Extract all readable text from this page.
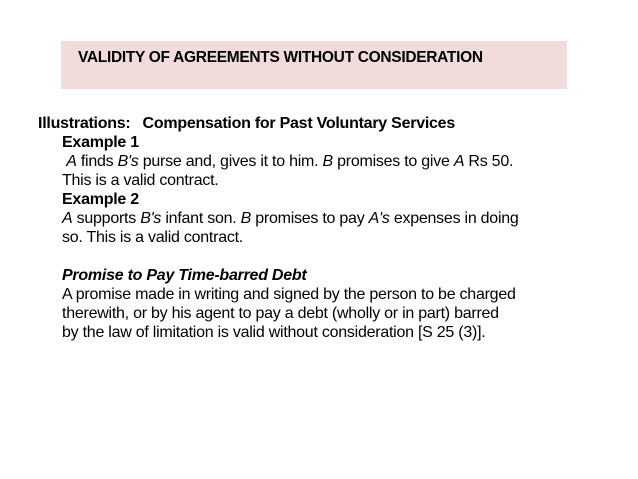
VALIDITY OF AGREEMENTS WITHOUT CONSIDERATION
Illustrations: Compensation for Past Voluntary Services
Example 1
A finds B's purse and, gives it to him. B promises to give A Rs 50.
This is a valid contract.
Example 2
A supports B's infant son. B promises to pay A's expenses in doing
so. This is a valid contract.
Promise to Pay Time-barred Debt
A promise made in writing and signed by the person to be charged
therewith, or by his agent to pay a debt (wholly or in part) barred
by the law of limitation is valid without consideration [S 25 (3)].
